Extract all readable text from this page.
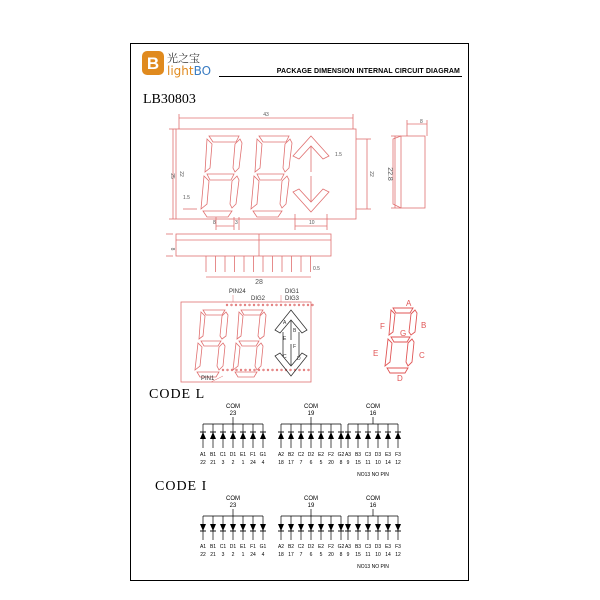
B 光之宝
lightBO	PACKAGE DIMENSION INTERNAL CIRCUIT DIAGRAM
LB30803
43
25 22	22
1.5
1.5
8	3	10
8
22.8
8
28
0.5
PIN24	DIG1
DIG2	DIG3
PIN1
A
B
E
F
C D
A
B
C
D
E
F
G
CODE L
CODE I
COM
23
A1
22
B1
21
C1
3
D1
2
E1
1
F1
24
G1
4
COM
19
A2
18
B2
17
C2
7
D2
6
E2
5
F2
20
G2
8
COM
16
A3
9
B3
15
C3
11
D3
10
E3
14
F3
12
NO13 NO PIN
COM
23
A1
22
B1
21
C1
3
D1
2
E1
1
F1
24
G1
4
COM
19
A2
18
B2
17
C2
7
D2
6
E2
5
F2
20
G2
8
COM
16
A3
9
B3
15
C3
11
D3
10
E3
14
F3
12
NO13 NO PIN
